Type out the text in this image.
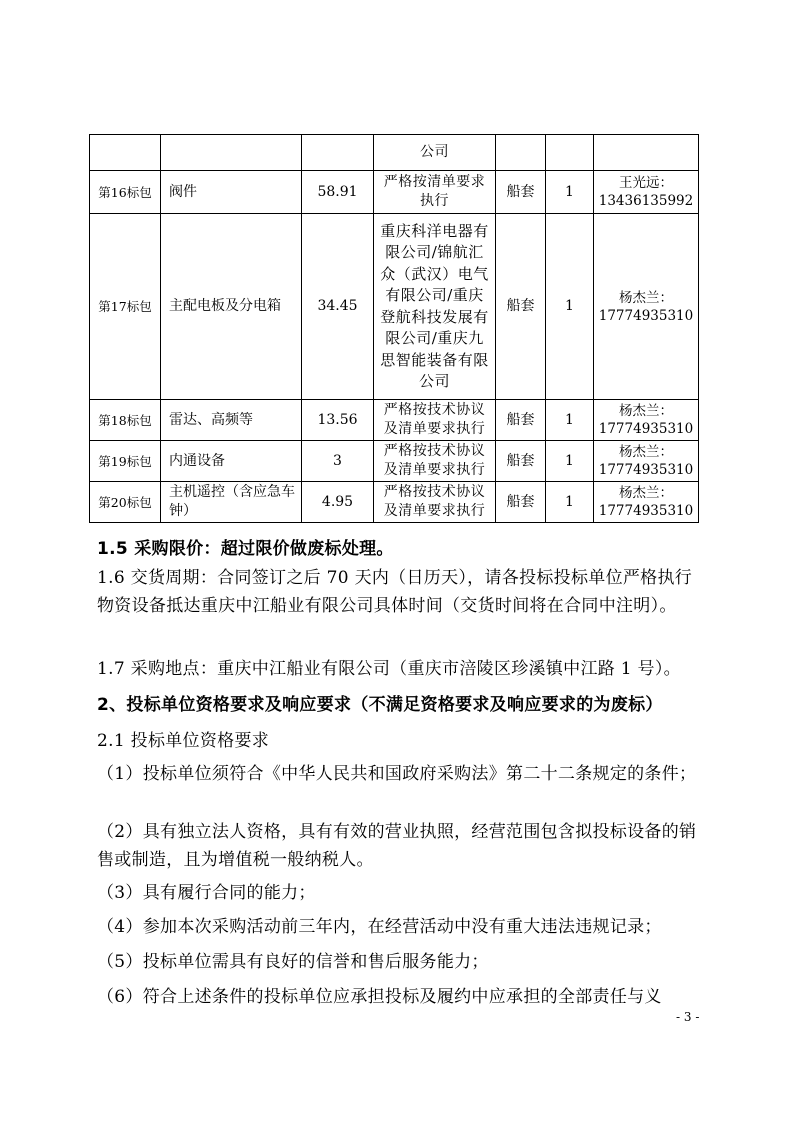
			公司			

第16标包	阀件	58.91	严格按清单要求执行	船套	1	王光远：
13436135992

第17标包	主配电板及分电箱	34.45	重庆科洋电器有限公司/锦航汇众（武汉）电气有限公司/重庆登航科技发展有限公司/重庆九思智能装备有限公司	船套	1	杨杰兰：
17774935310

第18标包	雷达、高频等	13.56	严格按技术协议及清单要求执行	船套	1	杨杰兰：
17774935310

第19标包	内通设备	3	严格按技术协议及清单要求执行	船套	1	杨杰兰：
17774935310

第20标包	主机遥控（含应急车钟）	4.95	严格按技术协议及清单要求执行	船套	1	杨杰兰：
17774935310
1.5 采购限价：超过限价做废标处理。
1.6 交货周期：合同签订之后 70 天内（日历天），请各投标投标单位严格执行物资设备抵达重庆中江船业有限公司具体时间（交货时间将在合同中注明）。
1.7 采购地点：重庆中江船业有限公司（重庆市涪陵区珍溪镇中江路 1 号）。
2、投标单位资格要求及响应要求（不满足资格要求及响应要求的为废标）
2.1 投标单位资格要求
（1）投标单位须符合《中华人民共和国政府采购法》第二十二条规定的条件；
（2）具有独立法人资格，具有有效的营业执照，经营范围包含拟投标设备的销售或制造，且为增值税一般纳税人。
（3）具有履行合同的能力；
（4）参加本次采购活动前三年内，在经营活动中没有重大违法违规记录；
（5）投标单位需具有良好的信誉和售后服务能力；
（6）符合上述条件的投标单位应承担投标及履约中应承担的全部责任与义
- 3 -
